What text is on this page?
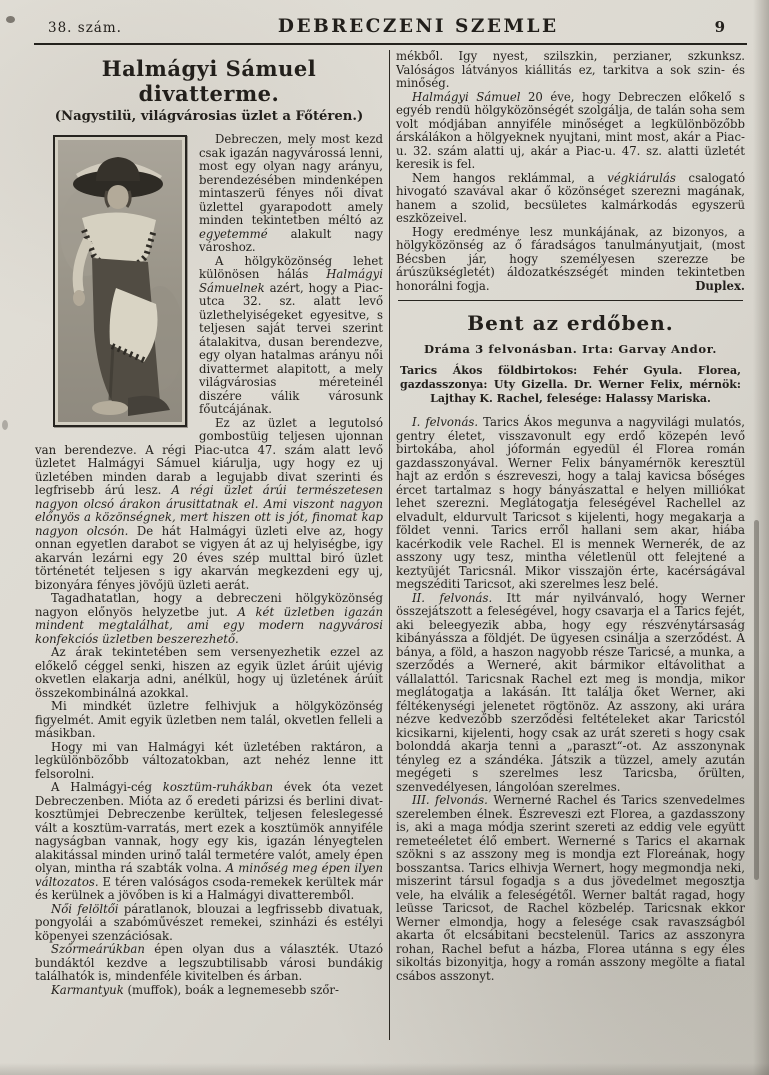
38. szám.	DEBRECZENI SZEMLE	9
Halmágyi Sámuel divatterme.
(Nagystilü, világvárosias üzlet a Főtéren.)

Debreczen, mely most kezd csak igazán nagyvárossá lenni, most egy olyan nagy arányu, berendezésében mindenképen mintaszerü fényes női divat üzlettel gyarapodott amely minden tekintetben méltó az egyetemmé alakult nagy városhoz.

A hölgyközönség lehet különösen hálás Halmágyi Sámuelnek azért, hogy a Piac-utca 32. sz. alatt levő üzlethelyiségeket egyesitve, s teljesen saját tervei szerint átalakitva, dusan berendezve, egy olyan hatalmas arányu női divattermet alapitott, a mely világvárosias méreteinél diszére válik városunk főutcájának.

Ez az üzlet a legutolsó gombostüig teljesen ujonnan van berendezve. A régi Piac-utca 47. szám alatt levő üzletet Halmágyi Sámuel kiárulja, ugy hogy ez uj üzletében minden darab a legujabb divat szerinti és legfrisebb árú lesz. A régi üzlet árúi természetesen nagyon olcsó árakon árusittatnak el. Ami viszont nagyon előnyös a közönségnek, mert hiszen ott is jót, finomat kap nagyon olcsón. De hát Halmágyi üzleti elve az, hogy onnan egyetlen darabot se vigyen át az uj helyiségbe, igy akarván lezárni egy 20 éves szép multtal biró üzlet történetét teljesen s igy akarván megkezdeni egy uj, bizonyára fényes jövőjü üzleti aerát.

Tagadhatatlan, hogy a debreczeni hölgyközönség nagyon előnyös helyzetbe jut. A két üzletben igazán mindent megtalálhat, ami egy modern nagyvárosi konfekciós üzletben beszerezhető.

Az árak tekintetében sem versenyezhetik ezzel az előkelő céggel senki, hiszen az egyik üzlet árúit ujévig okvetlen elakarja adni, anélkül, hogy uj üzletének árúit összekombinálná azokkal.

Mi mindkét üzletre felhivjuk a hölgyközönség figyelmét. Amit egyik üzletben nem talál, okvetlen felleli a másikban.

Hogy mi van Halmágyi két üzletében raktáron, a legkülönbözőbb változatokban, azt nehéz lenne itt felsorolni.

A Halmágyi-cég kosztüm-ruhákban évek óta vezet Debreczenben. Mióta az ő eredeti párizsi és berlini divat-kosztümjei Debreczenbe kerültek, teljesen feleslegessé vált a kosztüm-varratás, mert ezek a kosztümök annyiféle nagyságban vannak, hogy egy kis, igazán lényegtelen alakitással minden urinő talál termetére valót, amely épen olyan, mintha rá szabták volna. A minőség meg épen ilyen változatos. E téren valóságos csoda-remekek kerültek már és kerülnek a jövőben is ki a Halmágyi divatteremből.

Női felöltői páratlanok, blouzai a legfrissebb divatuak, pongyolái a szabóművészet remekei, szinházi és estélyi köpenyei szenzációsak.

Szőrmeárúkban épen olyan dus a választék. Utazó bundáktól kezdve a legszubtilisabb városi bundákig találhatók is, mindenféle kivitelben és árban.

Karmantyuk (muffok), boák a legnemesebb szőr-

mékből. Igy nyest, szilszkin, perzianer, szkunksz. Valóságos látványos kiállitás ez, tarkitva a sok szin- és minőség.

Halmágyi Sámuel 20 éve, hogy Debreczen előkelő s egyéb rendü hölgyközönségét szolgálja, de talán soha sem volt módjában annyiféle minőséget a legkülönbözőbb árskálákon a hölgyeknek nyujtani, mint most, akár a Piac-u. 32. szám alatti uj, akár a Piac-u. 47. sz. alatti üzletét keresik is fel.

Nem hangos reklámmal, a végkiárulás csalogató hivogató szavával akar ő közönséget szerezni magának, hanem a szolid, becsületes kalmárkodás egyszerü eszközeivel.

Hogy eredménye lesz munkájának, az bizonyos, a hölgyközönség az ő fáradságos tanulmányutjait, (most Bécsben jár, hogy személyesen szerezze be árúszükségletét) áldozatkészségét minden tekintetben honorálni fogja.	Duplex.

Bent az erdőben.
Dráma 3 felvonásban. Irta: Garvay Andor.
Tarics Ákos földbirtokos: Fehér Gyula. Florea, gazdasszonya: Uty Gizella. Dr. Werner Felix, mérnök: Lajthay K. Rachel, felesége: Halassy Mariska.

I. felvonás. Tarics Ákos megunva a nagyvilági mulatós, gentry életet, visszavonult egy erdő közepén levő birtokába, ahol jóformán egyedül él Florea román gazdasszonyával. Werner Felix bányamérnök keresztül hajt az erdőn s észreveszi, hogy a talaj kavicsa bőséges ércet tartalmaz s hogy bányászattal e helyen milliókat lehet szerezni. Meglátogatja feleségével Rachellel az elvadult, eldurvult Taricsot s kijelenti, hogy megakarja a földet venni. Tarics erről hallani sem akar, hiába kacérkodik vele Rachel. El is mennek Wernerék, de az asszony ugy tesz, mintha véletlenül ott felejtené a keztyüjét Taricsnál. Mikor visszajön érte, kacérságával megszéditi Taricsot, aki szerelmes lesz belé.

II. felvonás. Itt már nyilvánvaló, hogy Werner összejátszott a feleségével, hogy csavarja el a Tarics fejét, aki beleegyezik abba, hogy egy részvénytársaság kibányássza a földjét. De ügyesen csinálja a szerződést. A bánya, a föld, a haszon nagyobb része Taricsé, a munka, a szerződés a Werneré, akit bármikor eltávolithat a vállalattól. Taricsnak Rachel ezt meg is mondja, mikor meglátogatja a lakásán. Itt találja őket Werner, aki féltékenységi jelenetet rögtönöz. Az asszony, aki urára nézve kedvezőbb szerződési feltételeket akar Taricstól kicsikarni, kijelenti, hogy csak az urát szereti s hogy csak bolonddá akarja tenni a „paraszt“-ot. Az asszonynak tényleg ez a szándéka. Játszik a tüzzel, amely azután megégeti s szerelmes lesz Taricsba, őrülten, szenvedélyesen, lángolóan szerelmes.

III. felvonás. Wernerné Rachel és Tarics szenvedelmes szerelemben élnek. Észreveszi ezt Florea, a gazdasszony is, aki a maga módja szerint szereti az eddig vele együtt remeteéletet élő embert. Wernerné s Tarics el akarnak szökni s az asszony meg is mondja ezt Floreának, hogy bosszantsa. Tarics elhivja Wernert, hogy megmondja neki, miszerint társul fogadja s a dus jövedelmet megosztja vele, ha elválik a feleségétől. Werner baltát ragad, hogy leüsse Taricsot, de Rachel közbelép. Taricsnak ekkor Werner elmondja, hogy a felesége csak ravaszságból akarta őt elcsábitani becstelenül. Tarics az asszonyra rohan, Rachel befut a házba, Florea utánna s egy éles sikoltás bizonyitja, hogy a román asszony megölte a fiatal csábos asszonyt.
